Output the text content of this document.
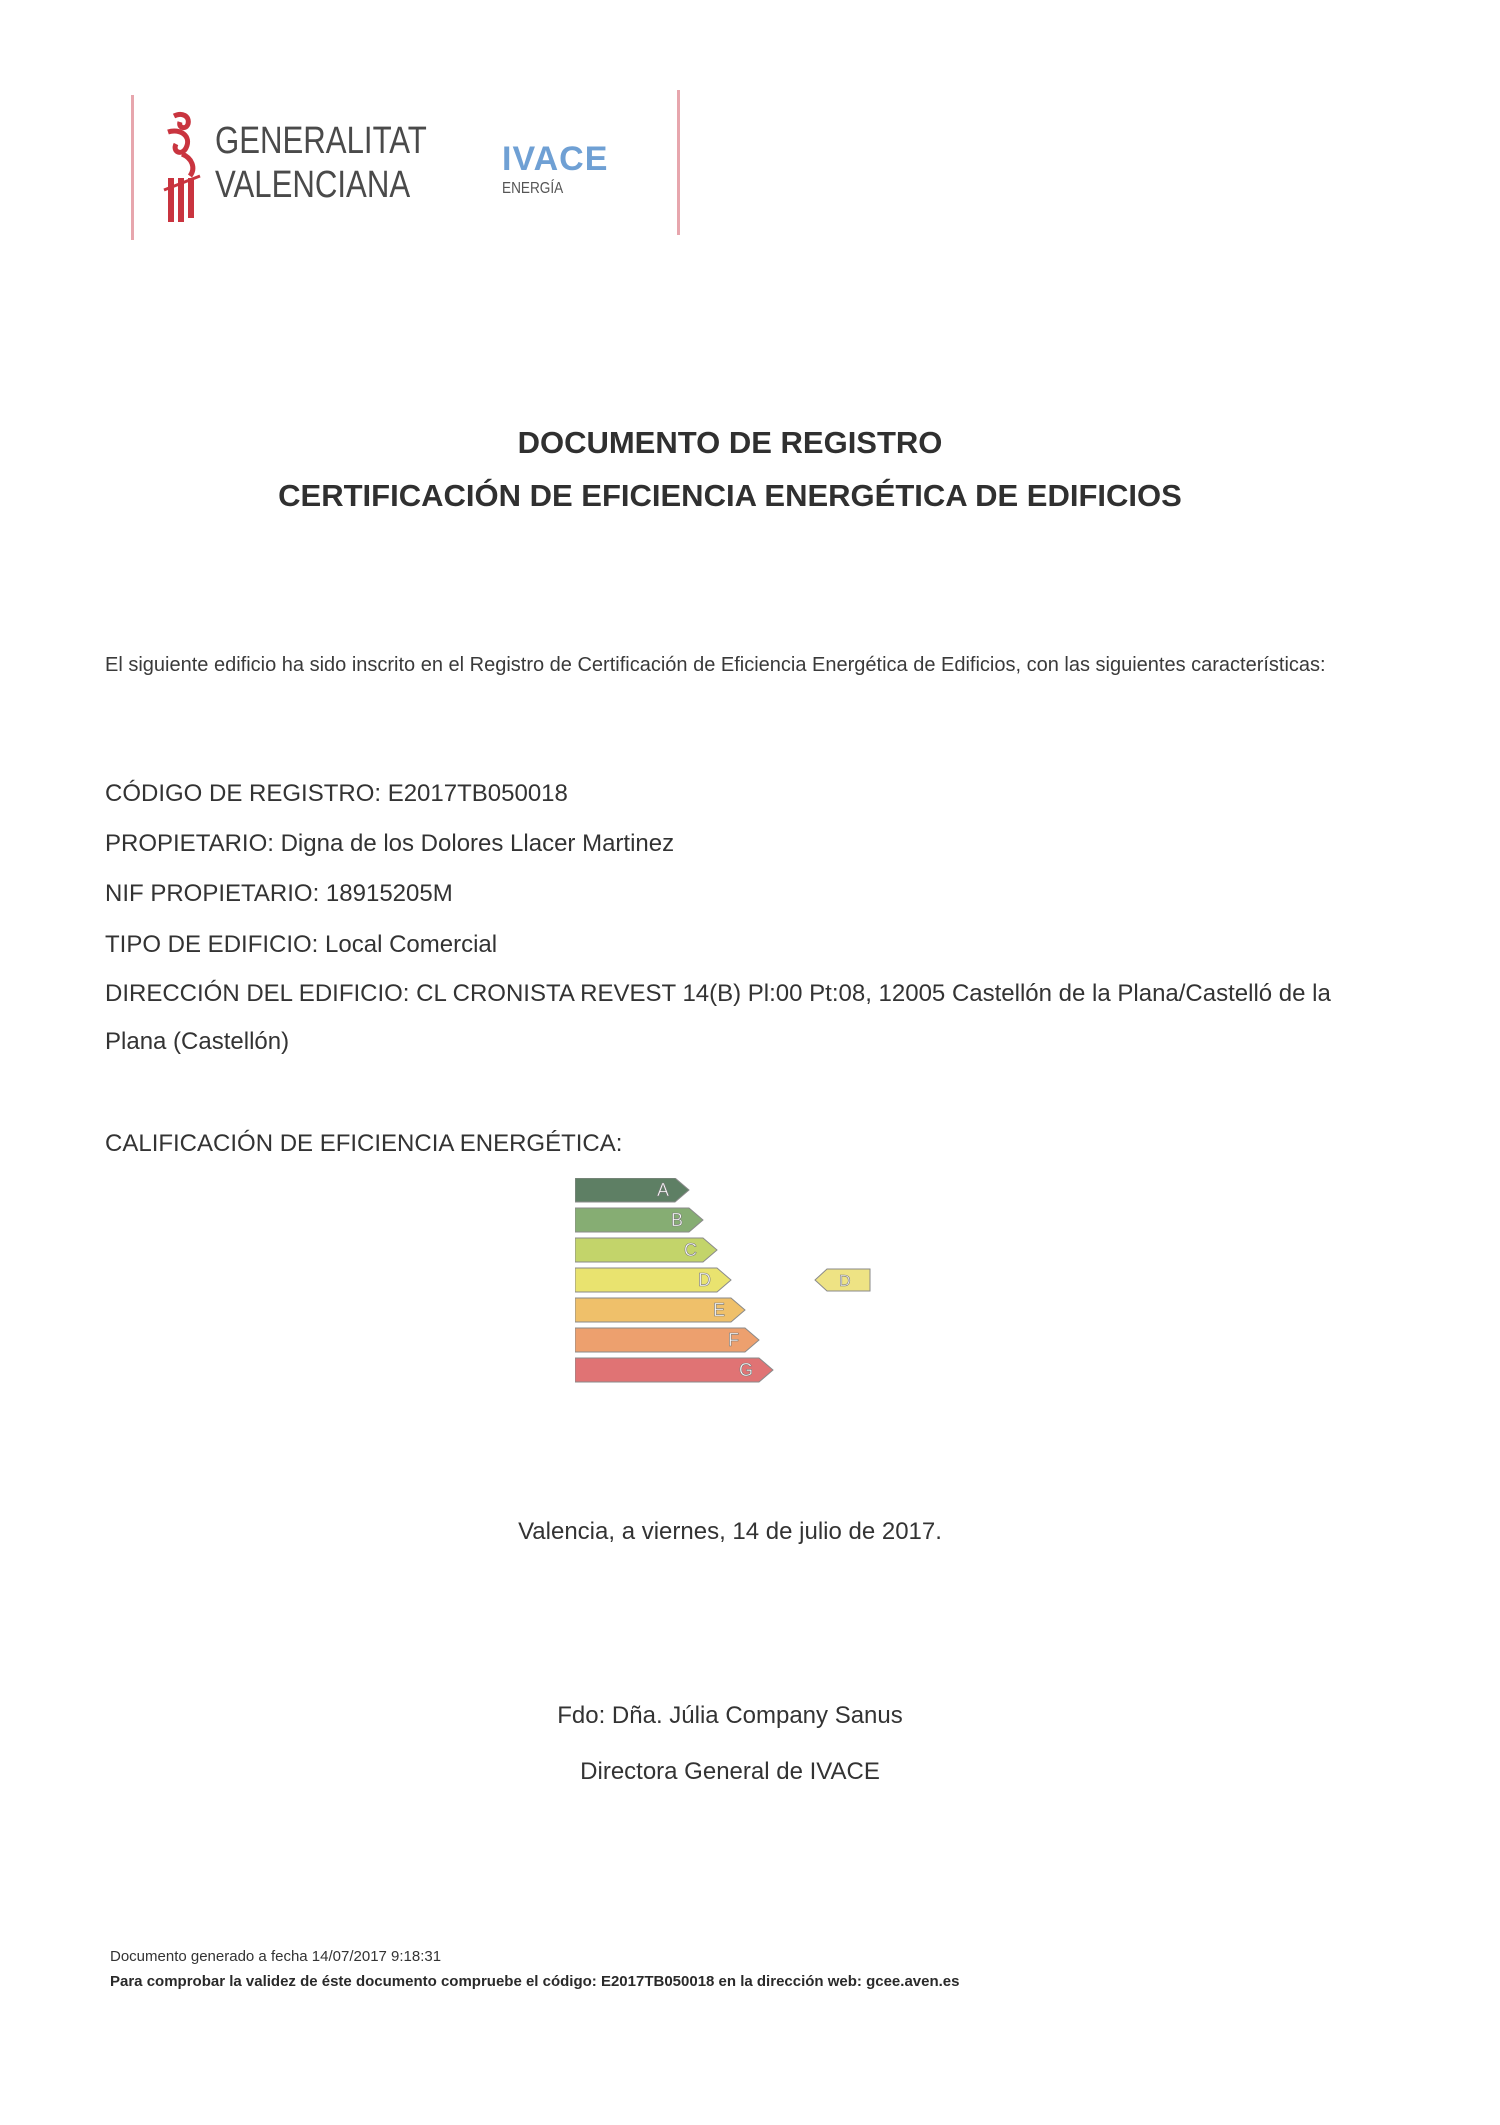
GENERALITAT
VALENCIANA
IVACE
ENERGÍA
DOCUMENTO DE REGISTRO
CERTIFICACIÓN DE EFICIENCIA ENERGÉTICA DE EDIFICIOS
El siguiente edificio ha sido inscrito en el Registro de Certificación de Eficiencia Energética de Edificios, con las siguientes características:
CÓDIGO DE REGISTRO: E2017TB050018
PROPIETARIO: Digna de los Dolores Llacer Martinez
NIF PROPIETARIO: 18915205M
TIPO DE EDIFICIO: Local Comercial
DIRECCIÓN DEL EDIFICIO: CL CRONISTA REVEST 14(B) Pl:00 Pt:08, 12005 Castellón de la Plana/Castelló de la Plana (Castellón)
CALIFICACIÓN DE EFICIENCIA ENERGÉTICA:
A
B
C
D
E
F
G
D
Valencia, a viernes, 14 de julio de 2017.
Fdo: Dña. Júlia Company Sanus
Directora General de IVACE
Documento generado a fecha 14/07/2017 9:18:31
Para comprobar la validez de éste documento compruebe el código: E2017TB050018 en la dirección web: gcee.aven.es
